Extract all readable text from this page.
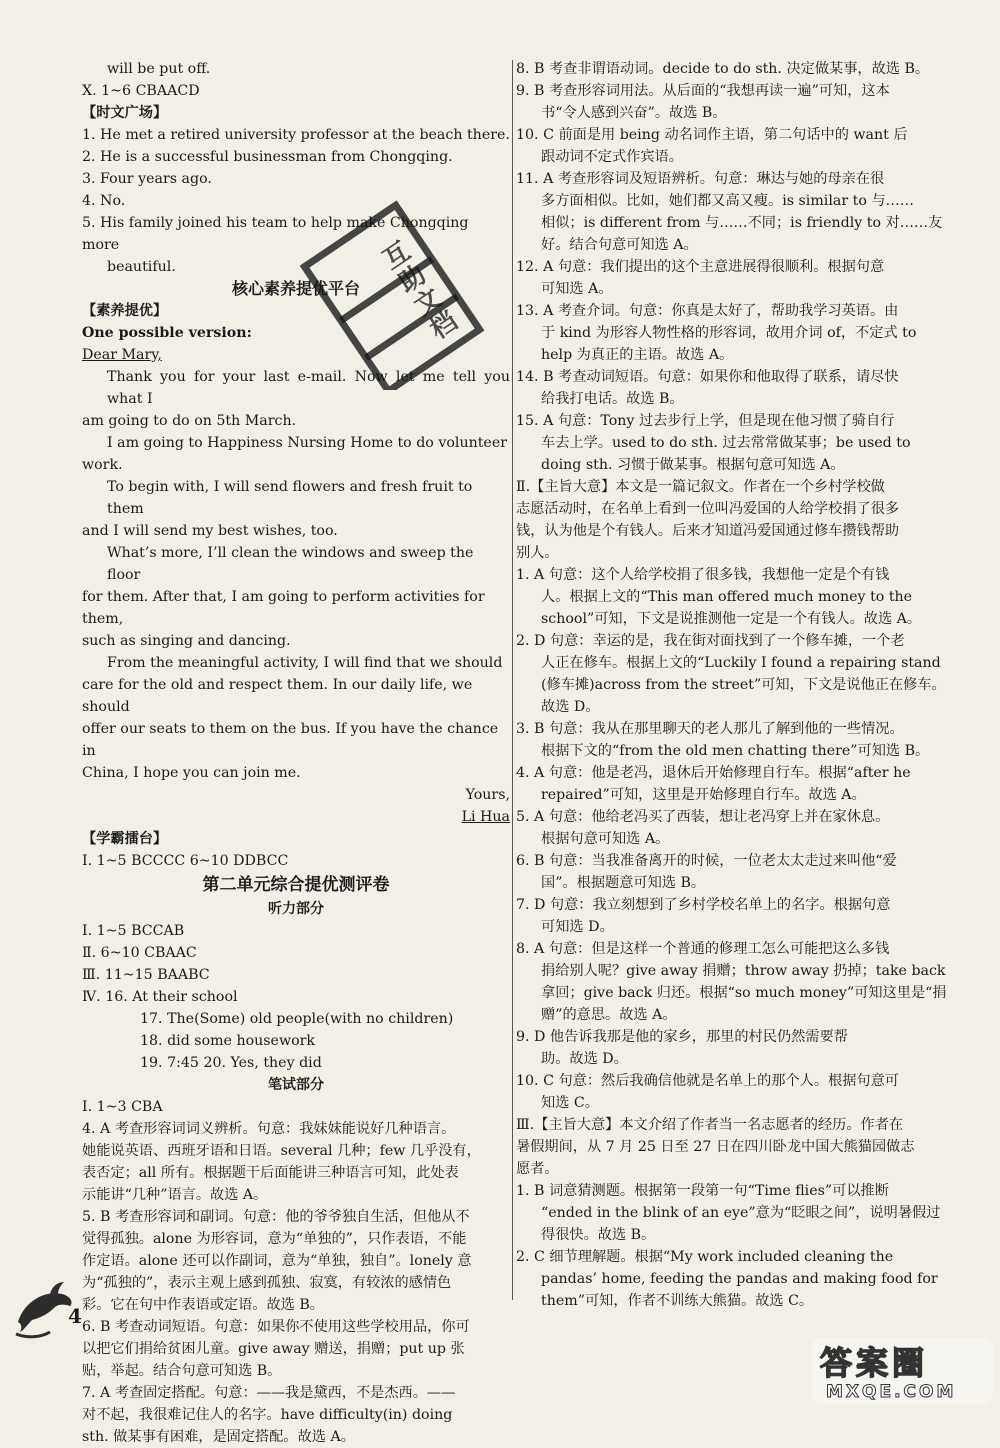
will be put off.

Ⅹ. 1~6 CBAACD

【时文广场】

1. He met a retired university professor at the beach there.

2. He is a successful businessman from Chongqing.

3. Four years ago.

4. No.

5. His family joined his team to help make Chongqing more

beautiful.

核心素养提优平台

【素养提优】

One possible version:

Dear Mary,

Thank you for your last e-mail. Now let me tell you what I

am going to do on 5th March.

I am going to Happiness Nursing Home to do volunteer

work.

To begin with, I will send flowers and fresh fruit to them

and I will send my best wishes, too.

What’s more, I’ll clean the windows and sweep the floor

for them. After that, I am going to perform activities for them,

such as singing and dancing.

From the meaningful activity, I will find that we should

care for the old and respect them. In our daily life, we should

offer our seats to them on the bus. If you have the chance in

China, I hope you can join me.

Yours,

Li Hua

【学霸擂台】

Ⅰ. 1~5 BCCCC 6~10 DDBCC

第二单元综合提优测评卷

听力部分

Ⅰ. 1~5 BCCAB

Ⅱ. 6~10 CBAAC

Ⅲ. 11~15 BAABC

Ⅳ. 16. At their school

17. The(Some) old people(with no children)

18. did some housework

19. 7:45 20. Yes, they did

笔试部分

Ⅰ. 1~3 CBA

4. A 考查形容词词义辨析。句意：我妹妹能说好几种语言。

她能说英语、西班牙语和日语。several 几种；few 几乎没有，

表否定；all 所有。根据题干后面能讲三种语言可知，此处表

示能讲“几种”语言。故选 A。

5. B 考查形容词和副词。句意：他的爷爷独自生活，但他从不

觉得孤独。alone 为形容词，意为“单独的”，只作表语，不能

作定语。alone 还可以作副词，意为“单独，独自”。lonely 意

为“孤独的”，表示主观上感到孤独、寂寞，有较浓的感情色

彩。它在句中作表语或定语。故选 B。

6. B 考查动词短语。句意：如果你不使用这些学校用品，你可

以把它们捐给贫困儿童。give away 赠送，捐赠；put up 张

贴，举起。结合句意可知选 B。

7. A 考查固定搭配。句意：——我是黛西，不是杰西。——

对不起，我很难记住人的名字。have difficulty(in) doing

sth. 做某事有困难，是固定搭配。故选 A。

8. B 考查非谓语动词。decide to do sth. 决定做某事，故选 B。

9. B 考查形容词用法。从后面的“我想再读一遍”可知，这本

书“令人感到兴奋”。故选 B。

10. C 前面是用 being 动名词作主语，第二句话中的 want 后

跟动词不定式作宾语。

11. A 考查形容词及短语辨析。句意：琳达与她的母亲在很

多方面相似。比如，她们都又高又瘦。is similar to 与……

相似；is different from 与……不同；is friendly to 对……友

好。结合句意可知选 A。

12. A 句意：我们提出的这个主意进展得很顺利。根据句意

可知选 A。

13. A 考查介词。句意：你真是太好了，帮助我学习英语。由

于 kind 为形容人物性格的形容词，故用介词 of，不定式 to

help 为真正的主语。故选 A。

14. B 考查动词短语。句意：如果你和他取得了联系，请尽快

给我打电话。故选 B。

15. A 句意：Tony 过去步行上学，但是现在他习惯了骑自行

车去上学。used to do sth. 过去常常做某事；be used to

doing sth. 习惯于做某事。根据句意可知选 A。

Ⅱ.【主旨大意】本文是一篇记叙文。作者在一个乡村学校做

志愿活动时，在名单上看到一位叫冯爱国的人给学校捐了很多

钱，认为他是个有钱人。后来才知道冯爱国通过修车攒钱帮助

别人。

1. A 句意：这个人给学校捐了很多钱，我想他一定是个有钱

人。根据上文的“This man offered much money to the

school”可知，下文是说推测他一定是一个有钱人。故选 A。

2. D 句意：幸运的是，我在街对面找到了一个修车摊，一个老

人正在修车。根据上文的“Luckily I found a repairing stand

(修车摊)across from the street”可知，下文是说他正在修车。

故选 D。

3. B 句意：我从在那里聊天的老人那儿了解到他的一些情况。

根据下文的“from the old men chatting there”可知选 B。

4. A 句意：他是老冯，退休后开始修理自行车。根据“after he

repaired”可知，这里是开始修理自行车。故选 A。

5. A 句意：他给老冯买了西装，想让老冯穿上并在家休息。

根据句意可知选 A。

6. B 句意：当我准备离开的时候，一位老太太走过来叫他“爱

国”。根据题意可知选 B。

7. D 句意：我立刻想到了乡村学校名单上的名字。根据句意

可知选 D。

8. A 句意：但是这样一个普通的修理工怎么可能把这么多钱

捐给别人呢？give away 捐赠；throw away 扔掉；take back

拿回；give back 归还。根据“so much money”可知这里是“捐

赠”的意思。故选 A。

9. D 他告诉我那是他的家乡，那里的村民仍然需要帮

助。故选 D。

10. C 句意：然后我确信他就是名单上的那个人。根据句意可

知选 C。

Ⅲ.【主旨大意】本文介绍了作者当一名志愿者的经历。作者在

暑假期间，从 7 月 25 日至 27 日在四川卧龙中国大熊猫园做志

愿者。

1. B 词意猜测题。根据第一段第一句“Time flies”可以推断

“ended in the blink of an eye”意为“眨眼之间”，说明暑假过

得很快。故选 B。

2. C 细节理解题。根据“My work included cleaning the

pandas’ home, feeding the pandas and making food for

them”可知，作者不训练大熊猫。故选 C。

互助文档
4
答案圈
MXQE.COM
